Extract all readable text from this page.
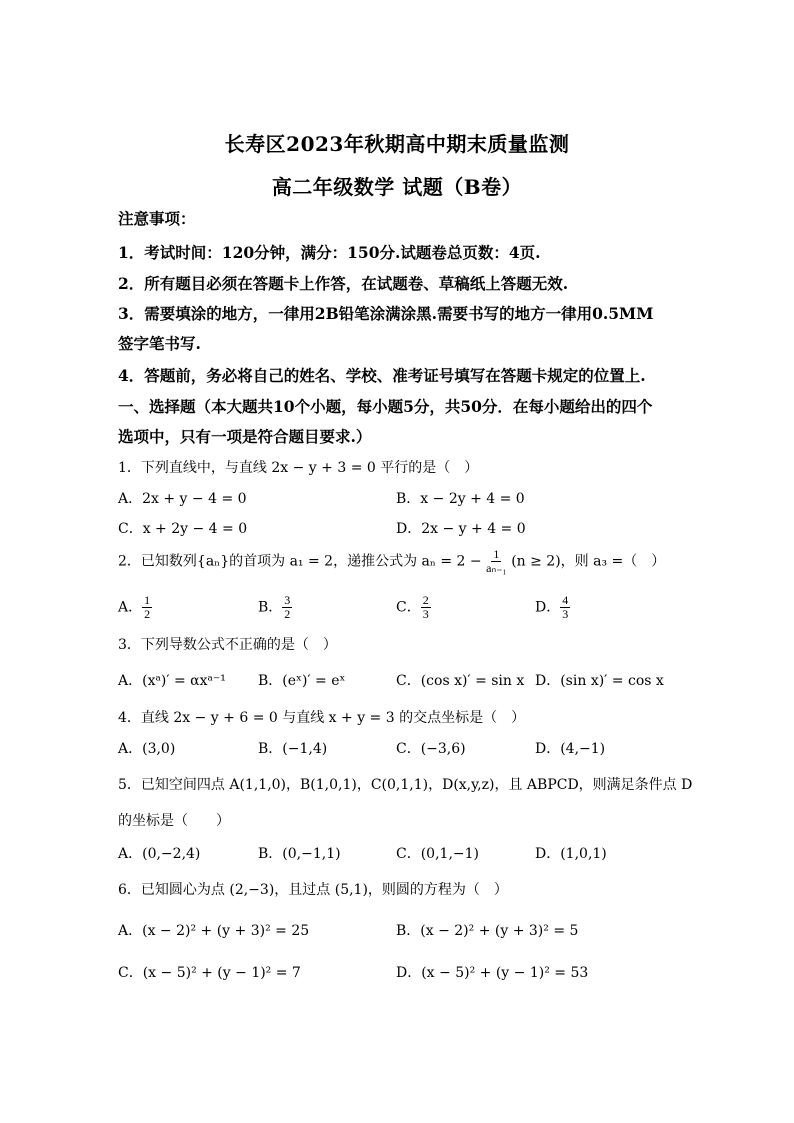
长寿区2023年秋期高中期末质量监测
高二年级数学 试题（B卷）
注意事项：
1．考试时间：120分钟，满分：150分.试题卷总页数：4页.
2．所有题目必须在答题卡上作答，在试题卷、草稿纸上答题无效.
3．需要填涂的地方，一律用2B铅笔涂满涂黑.需要书写的地方一律用0.5MM
签字笔书写.
4．答题前，务必将自己的姓名、学校、准考证号填写在答题卡规定的位置上.
一、选择题（本大题共10个小题，每小题5分，共50分．在每小题给出的四个
选项中，只有一项是符合题目要求.）
1．下列直线中，与直线 2x − y + 3 = 0 平行的是（　）
A．2x + y − 4 = 0	B．x − 2y + 4 = 0
C．x + 2y − 4 = 0	D．2x − y + 4 = 0
2．已知数列{aₙ}的首项为 a₁ = 2，递推公式为 $a_n = 2 - \frac{1}{\text{aₙ₋₁}} (n \ge 2)$，则 a₃ =（　）
A． $\frac{1}{2}$	B． $\frac{3}{2}$	C． $\frac{2}{3}$	D． $\frac{4}{3}$
3．下列导数公式不正确的是（　）
A．(xᵃ)′ = αxᵃ⁻¹ B．(eˣ)′ = eˣ	C．(cos x)′ = sin x D．(sin x)′ = cos x
4．直线 2x − y + 6 = 0 与直线 x + y = 3 的交点坐标是（　）
A．(3,0)	B．(−1,4)	C．(−3,6)	D．(4,−1)
5．已知空间四点 A(1,1,0)，B(1,0,1)，C(0,1,1)，D(x,y,z)，且 ABPCD，则满足条件点 D
的坐标是（　　）
A．(0,−2,4)	B．(0,−1,1)	C．(0,1,−1)	D．(1,0,1)
6．已知圆心为点 (2,−3)，且过点 (5,1)，则圆的方程为（　）
A．(x − 2)² + (y + 3)² = 25	B．(x − 2)² + (y + 3)² = 5
C．(x − 5)² + (y − 1)² = 7	D．(x − 5)² + (y − 1)² = 53
